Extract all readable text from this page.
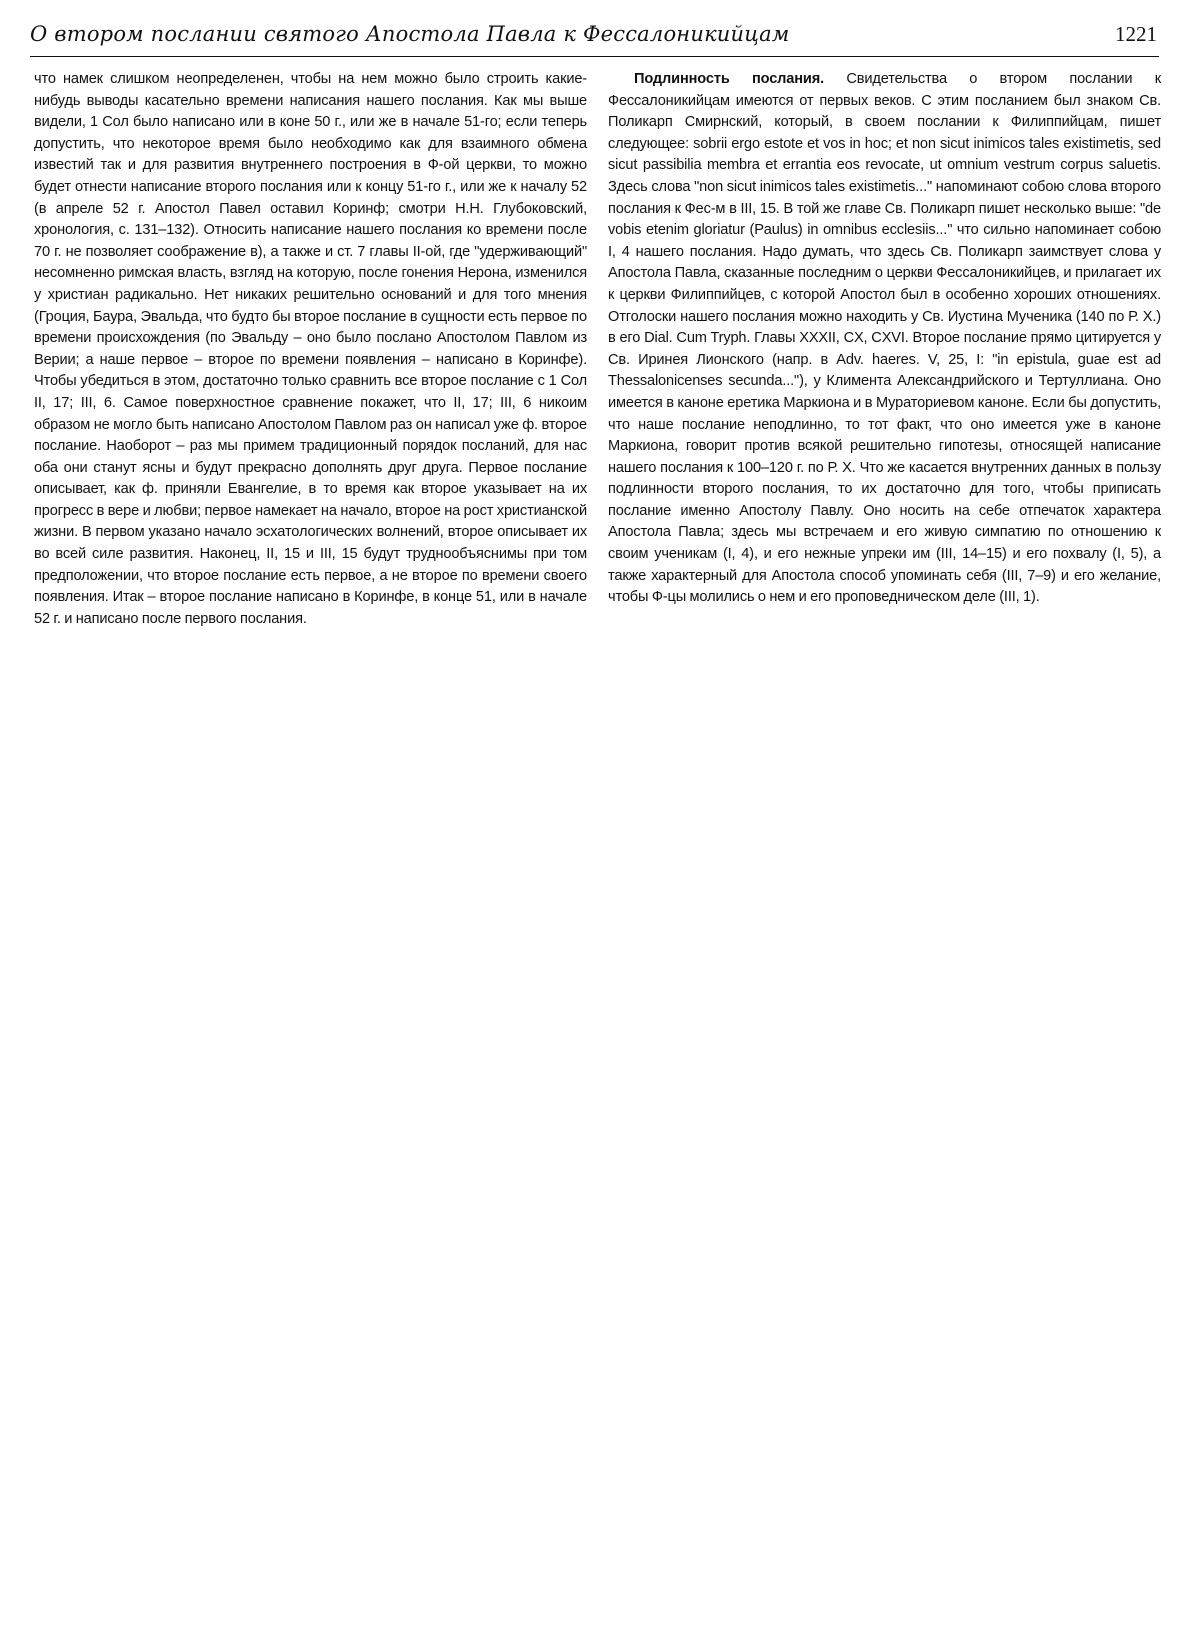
О втором послании святого Апостола Павла к Фессалоникийцам	1221

что намек слишком неопределенен, чтобы на нем можно было строить какие-нибудь выводы касательно времени написания нашего послания. Как мы выше видели, 1 Сол было написано или в коне 50 г., или же в начале 51-го; если теперь допустить, что некоторое время было необходимо как для взаимного обмена известий так и для развития внутреннего построения в Ф-ой церкви, то можно будет отнести написание второго послания или к концу 51-го г., или же к началу 52 (в апреле 52 г. Апостол Павел оставил Коринф; смотри Н.Н. Глубоковский, хронология, с. 131–132). Относить написание нашего послания ко времени после 70 г. не позволяет соображение в), а также и ст. 7 главы II-ой, где "удерживающий" несомненно римская власть, взгляд на которую, после гонения Нерона, изменился у христиан радикально. Нет никаких решительно оснований и для того мнения (Гроция, Баура, Эвальда, что будто бы второе послание в сущности есть первое по времени происхождения (по Эвальду – оно было послано Апостолом Павлом из Верии; а наше первое – второе по времени появления – написано в Коринфе). Чтобы убедиться в этом, достаточно только сравнить все второе послание с 1 Сол II, 17; III, 6. Самое поверхностное сравнение покажет, что II, 17; III, 6 никоим образом не могло быть написано Апостолом Павлом раз он написал уже ф. второе послание. Наоборот – раз мы примем традиционный порядок посланий, для нас оба они станут ясны и будут прекрасно дополнять друг друга. Первое послание описывает, как ф. приняли Евангелие, в то время как второе указывает на их прогресс в вере и любви; первое намекает на начало, второе на рост христианской жизни. В первом указано начало эсхатологических волнений, второе описывает их во всей силе развития. Наконец, II, 15 и III, 15 будут труднообъяснимы при том предположении, что второе послание есть первое, а не второе по времени своего появления. Итак – второе послание написано в Коринфе, в конце 51, или в начале 52 г. и написано после первого послания.

Подлинность послания. Свидетельства о втором послании к Фессалоникийцам имеются от первых веков. С этим посланием был знаком Св. Поликарп Смирнский, который, в своем послании к Филиппийцам, пишет следующее: sobrii ergo estote et vos in hoc; et non sicut inimicos tales existimetis, sed sicut passibilia membra et errantia eos revocate, ut omnium vestrum corpus saluetis. Здесь слова "non sicut inimicos tales existimetis..." напоминают собою слова второго послания к Фес-м в III, 15. В той же главе Св. Поликарп пишет несколько выше: "de vobis etenim gloriatur (Paulus) in omnibus ecclesiis..." что сильно напоминает собою I, 4 нашего послания. Надо думать, что здесь Св. Поликарп заимствует слова у Апостола Павла, сказанные последним о церкви Фессалоникийцев, и прилагает их к церкви Филиппийцев, с которой Апостол был в особенно хороших отношениях. Отголоски нашего послания можно находить у Св. Иустина Мученика (140 по Р. Х.) в его Dial. Cum Tryph. Главы XXXII, CX, CXVI. Второе послание прямо цитируется у Св. Иринея Лионского (напр. в Adv. haeres. V, 25, I: "in epistula, guae est ad Thessalonicenses secunda..."), у Климента Александрийского и Тертуллиана. Оно имеется в каноне еретика Маркиона и в Мураториевом каноне. Если бы допустить, что наше послание неподлинно, то тот факт, что оно имеется уже в каноне Маркиона, говорит против всякой решительно гипотезы, относящей написание нашего послания к 100–120 г. по Р. Х. Что же касается внутренних данных в пользу подлинности второго послания, то их достаточно для того, чтобы приписать послание именно Апостолу Павлу. Оно носить на себе отпечаток характера Апостола Павла; здесь мы встречаем и его живую симпатию по отношению к своим ученикам (I, 4), и его нежные упреки им (III, 14–15) и его похвалу (I, 5), а также характерный для Апостола способ упоминать себя (III, 7–9) и его желание, чтобы Ф-цы молились о нем и его проповедническом деле (III, 1).
